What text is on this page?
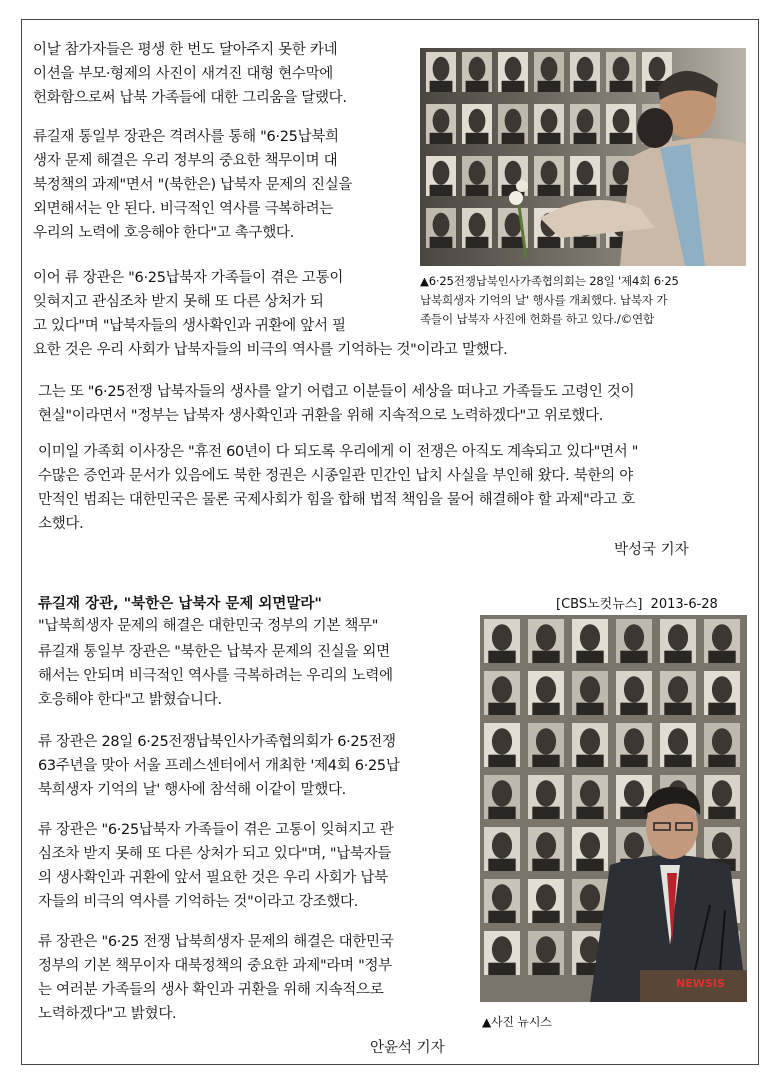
이날 참가자들은 평생 한 번도 달아주지 못한 카네
이션을 부모·형제의 사진이 새겨진 대형 현수막에
헌화함으로써 납북 가족들에 대한 그리움을 달랬다.
류길재 통일부 장관은 격려사를 통해 "6·25납북희
생자 문제 해결은 우리 정부의 중요한 책무이며 대
북정책의 과제"면서 "(북한은) 납북자 문제의 진실을
외면해서는 안 된다. 비극적인 역사를 극복하려는
우리의 노력에 호응해야 한다"고 촉구했다.
이어 류 장관은 "6·25납북자 가족들이 겪은 고통이
잊혀지고 관심조차 받지 못해 또 다른 상처가 되
고 있다"며 "납북자들의 생사확인과 귀환에 앞서 필
요한 것은 우리 사회가 납북자들의 비극의 역사를 기억하는 것"이라고 말했다.
▲6·25전쟁납북인사가족협의회는 28일 '제4회 6·25
납북희생자 기억의 날' 행사를 개최했다. 납북자 가
족들이 납북자 사진에 헌화를 하고 있다./©연합
그는 또 "6·25전쟁 납북자들의 생사를 알기 어렵고 이분들이 세상을 떠나고 가족들도 고령인 것이
현실"이라면서 "정부는 납북자 생사확인과 귀환을 위해 지속적으로 노력하겠다"고 위로했다.
이미일 가족회 이사장은 "휴전 60년이 다 되도록 우리에게 이 전쟁은 아직도 계속되고 있다"면서 "
수많은 증언과 문서가 있음에도 북한 정권은 시종일관 민간인 납치 사실을 부인해 왔다. 북한의 야
만적인 범죄는 대한민국은 물론 국제사회가 힘을 합해 법적 책임을 물어 해결해야 할 과제"라고 호
소했다.
박성국 기자
류길재 장관, "북한은 납북자 문제 외면말라"	[CBS노컷뉴스] 2013-6-28
"납북희생자 문제의 해결은 대한민국 정부의 기본 책무"
류길재 통일부 장관은 "북한은 납북자 문제의 진실을 외면
해서는 안되며 비극적인 역사를 극복하려는 우리의 노력에
호응해야 한다"고 밝혔습니다.
류 장관은 28일 6·25전쟁납북인사가족협의회가 6·25전쟁
63주년을 맞아 서울 프레스센터에서 개최한 '제4회 6·25납
북희생자 기억의 날' 행사에 참석해 이같이 말했다.
류 장관은 "6·25납북자 가족들이 겪은 고통이 잊혀지고 관
심조차 받지 못해 또 다른 상처가 되고 있다"며, "납북자들
의 생사확인과 귀환에 앞서 필요한 것은 우리 사회가 납북
자들의 비극의 역사를 기억하는 것"이라고 강조했다.
류 장관은 "6·25 전쟁 납북희생자 문제의 해결은 대한민국
정부의 기본 책무이자 대북정책의 중요한 과제"라며 "정부
는 여러분 가족들의 생사 확인과 귀환을 위해 지속적으로
노력하겠다"고 밝혔다.
NEWSIS
▲사진 뉴시스
안윤석 기자
